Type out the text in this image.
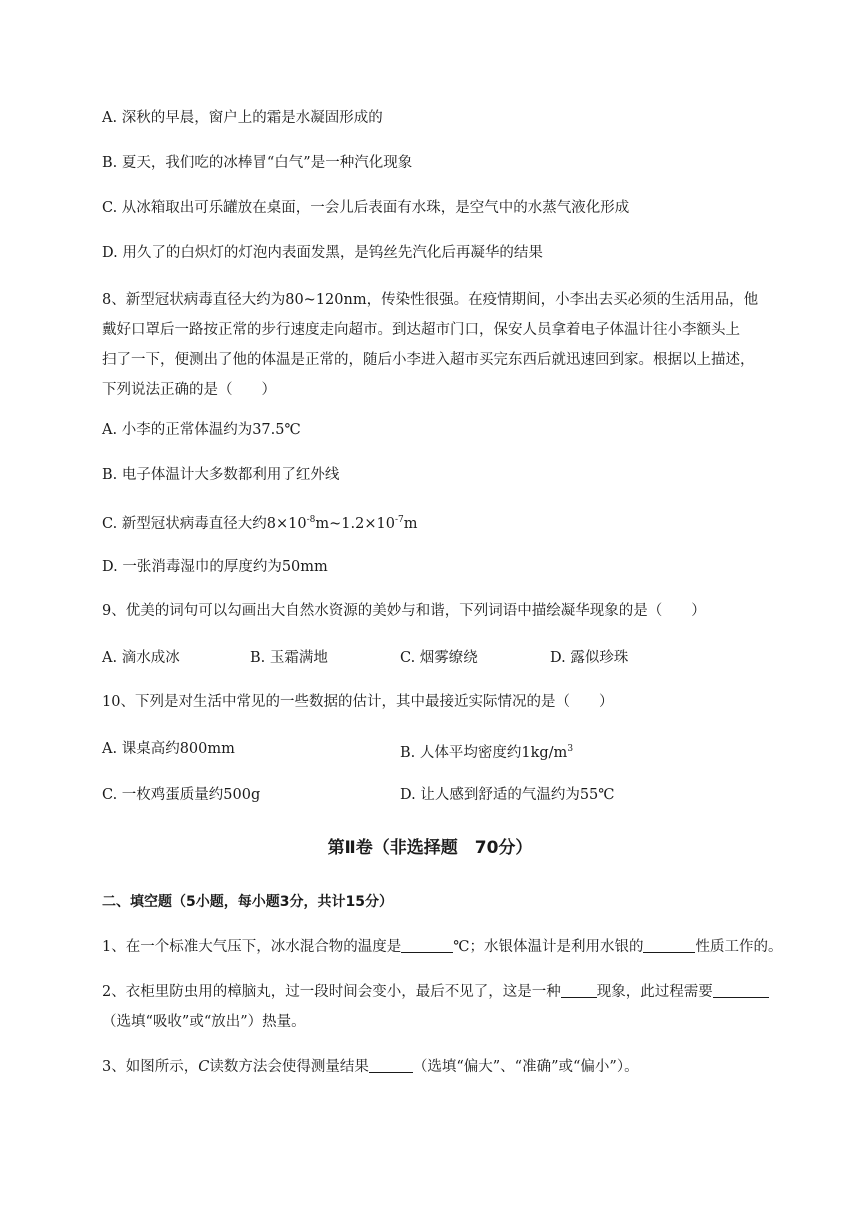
A. 深秋的早晨，窗户上的霜是水凝固形成的
B. 夏天，我们吃的冰棒冒“白气”是一种汽化现象
C. 从冰箱取出可乐罐放在桌面，一会儿后表面有水珠，是空气中的水蒸气液化形成
D. 用久了的白炽灯的灯泡内表面发黑，是钨丝先汽化后再凝华的结果
8、新型冠状病毒直径大约为80~120nm，传染性很强。在疫情期间，小李出去买必须的生活用品，他
戴好口罩后一路按正常的步行速度走向超市。到达超市门口，保安人员拿着电子体温计往小李额头上
扫了一下，便测出了他的体温是正常的，随后小李进入超市买完东西后就迅速回到家。根据以上描述，
下列说法正确的是（　　）
A. 小李的正常体温约为37.5℃
B. 电子体温计大多数都利用了红外线
C. 新型冠状病毒直径大约$8\times 10^{-8}m\sim 1.2\times 10^{-7}m$
D. 一张消毒湿巾的厚度约为50mm
9、优美的词句可以勾画出大自然水资源的美妙与和谐，下列词语中描绘凝华现象的是（　　）
A. 滴水成冰	B. 玉霜满地	C. 烟雾缭绕	D. 露似珍珠
10、下列是对生活中常见的一些数据的估计，其中最接近实际情况的是（　　）
A. 课桌高约800mm	B. 人体平均密度约$1kg/m^3$
C. 一枚鸡蛋质量约500g	D. 让人感到舒适的气温约为55℃
第Ⅱ卷（非选择题　70分）
二、填空题（5小题，每小题3分，共计15分）
1、在一个标准大气压下，冰水混合物的温度是	℃；水银体温计是利用水银的	性质工作的。
2、衣柜里防虫用的樟脑丸，过一段时间会变小，最后不见了，这是一种 现象，此过程需要
（选填“吸收”或“放出”）热量。
3、如图所示，C读数方法会使得测量结果	（选填“偏大”、“准确”或“偏小”）。
